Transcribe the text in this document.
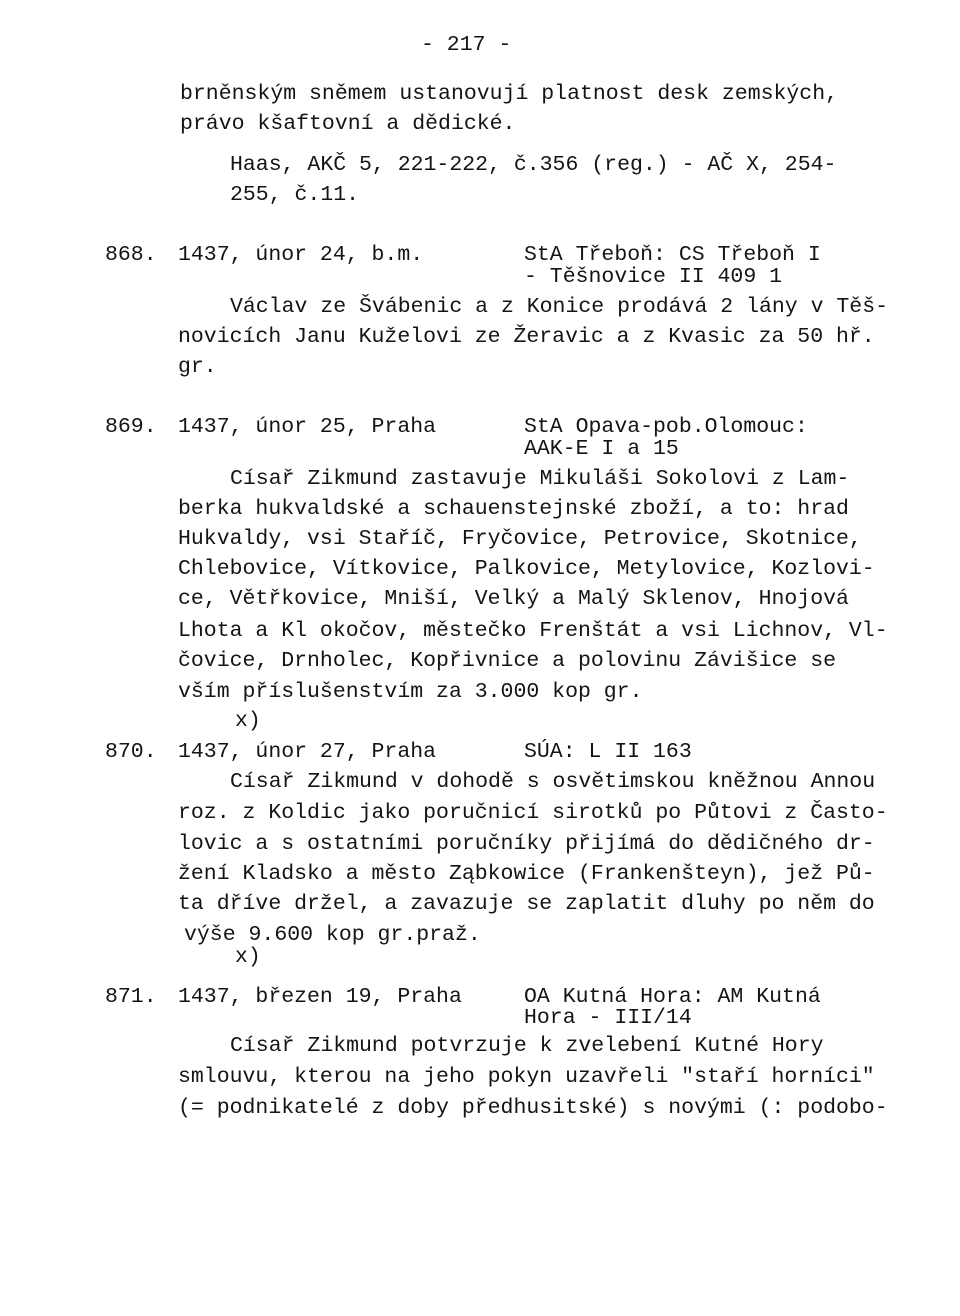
- 217 -

brněnským sněmem ustanovují platnost desk zemských,

právo kšaftovní a dědické.

Haas, AKČ 5, 221-222, č.356 (reg.) - AČ X, 254-

255, č.11.

868. 1437, únor 24, b.m.	StA Třeboň: CS Třeboň I

- Těšnovice II 409 1

Václav ze Švábenic a z Konice prodává 2 lány v Těš-

novicích Janu Kuželovi ze Žeravic a z Kvasic za 50 hř.

gr.

869. 1437, únor 25, Praha	StA Opava-pob.Olomouc:

AAK-E I a 15

Císař Zikmund zastavuje Mikuláši Sokolovi z Lam-

berka hukvaldské a schauenstejnské zboží, a to: hrad

Hukvaldy, vsi Staříč, Fryčovice, Petrovice, Skotnice,

Chlebovice, Vítkovice, Palkovice, Metylovice, Kozlovi-

ce, Větřkovice, Mniší, Velký a Malý Sklenov, Hnojová

Lhota a Kl okočov, městečko Frenštát a vsi Lichnov, Vl-

čovice, Drnholec, Kopřivnice a polovinu Závišice se

vším příslušenstvím za 3.000 kop gr.

x)

870. 1437, únor 27, Praha	SÚA: L II 163

Císař Zikmund v dohodě s osvětimskou kněžnou Annou

roz. z Koldic jako poručnicí sirotků po Půtovi z Často-

lovic a s ostatními poručníky přijímá do dědičného dr-

žení Kladsko a město Ząbkowice (Frankenšteyn), jež Pů-

ta dříve držel, a zavazuje se zaplatit dluhy po něm do

výše 9.600 kop gr.praž.

x)

871. 1437, březen 19, Praha	OA Kutná Hora: AM Kutná

Hora - III/14

Císař Zikmund potvrzuje k zvelebení Kutné Hory

smlouvu, kterou na jeho pokyn uzavřeli "staří horníci"

(= podnikatelé z doby předhusitské) s novými (: podobo-
